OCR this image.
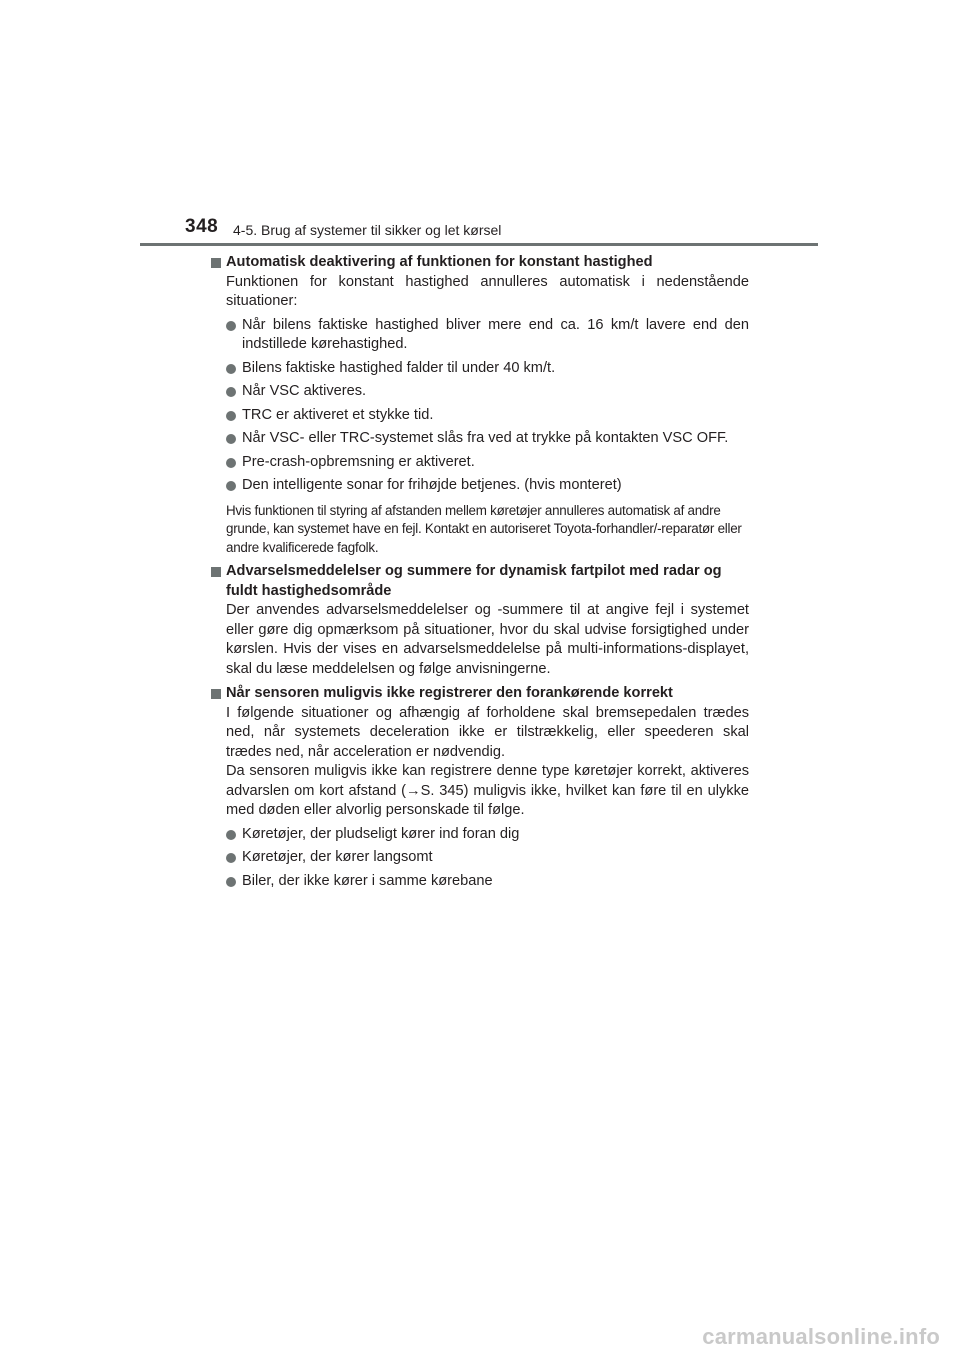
348 4-5. Brug af systemer til sikker og let kørsel
Automatisk deaktivering af funktionen for konstant hastighed
Funktionen for konstant hastighed annulleres automatisk i nedenstående situationer:
Når bilens faktiske hastighed bliver mere end ca. 16 km/t lavere end den indstillede kørehastighed.
Bilens faktiske hastighed falder til under 40 km/t.
Når VSC aktiveres.
TRC er aktiveret et stykke tid.
Når VSC- eller TRC-systemet slås fra ved at trykke på kontakten VSC OFF.
Pre-crash-opbremsning er aktiveret.
Den intelligente sonar for frihøjde betjenes. (hvis monteret)
Hvis funktionen til styring af afstanden mellem køretøjer annulleres automatisk af andre grunde, kan systemet have en fejl. Kontakt en autoriseret Toyota-forhandler/-reparatør eller andre kvalificerede fagfolk.
Advarselsmeddelelser og summere for dynamisk fartpilot med radar og fuldt hastighedsområde
Der anvendes advarselsmeddelelser og -summere til at angive fejl i systemet eller gøre dig opmærksom på situationer, hvor du skal udvise forsigtighed under kørslen. Hvis der vises en advarselsmeddelelse på multi-informations-displayet, skal du læse meddelelsen og følge anvisningerne.
Når sensoren muligvis ikke registrerer den forankørende korrekt
I følgende situationer og afhængig af forholdene skal bremsepedalen trædes ned, når systemets deceleration ikke er tilstrækkelig, eller speederen skal trædes ned, når acceleration er nødvendig.
Da sensoren muligvis ikke kan registrere denne type køretøjer korrekt, aktiveres advarslen om kort afstand (→S. 345) muligvis ikke, hvilket kan føre til en ulykke med døden eller alvorlig personskade til følge.
Køretøjer, der pludseligt kører ind foran dig
Køretøjer, der kører langsomt
Biler, der ikke kører i samme kørebane
carmanualsonline.info
